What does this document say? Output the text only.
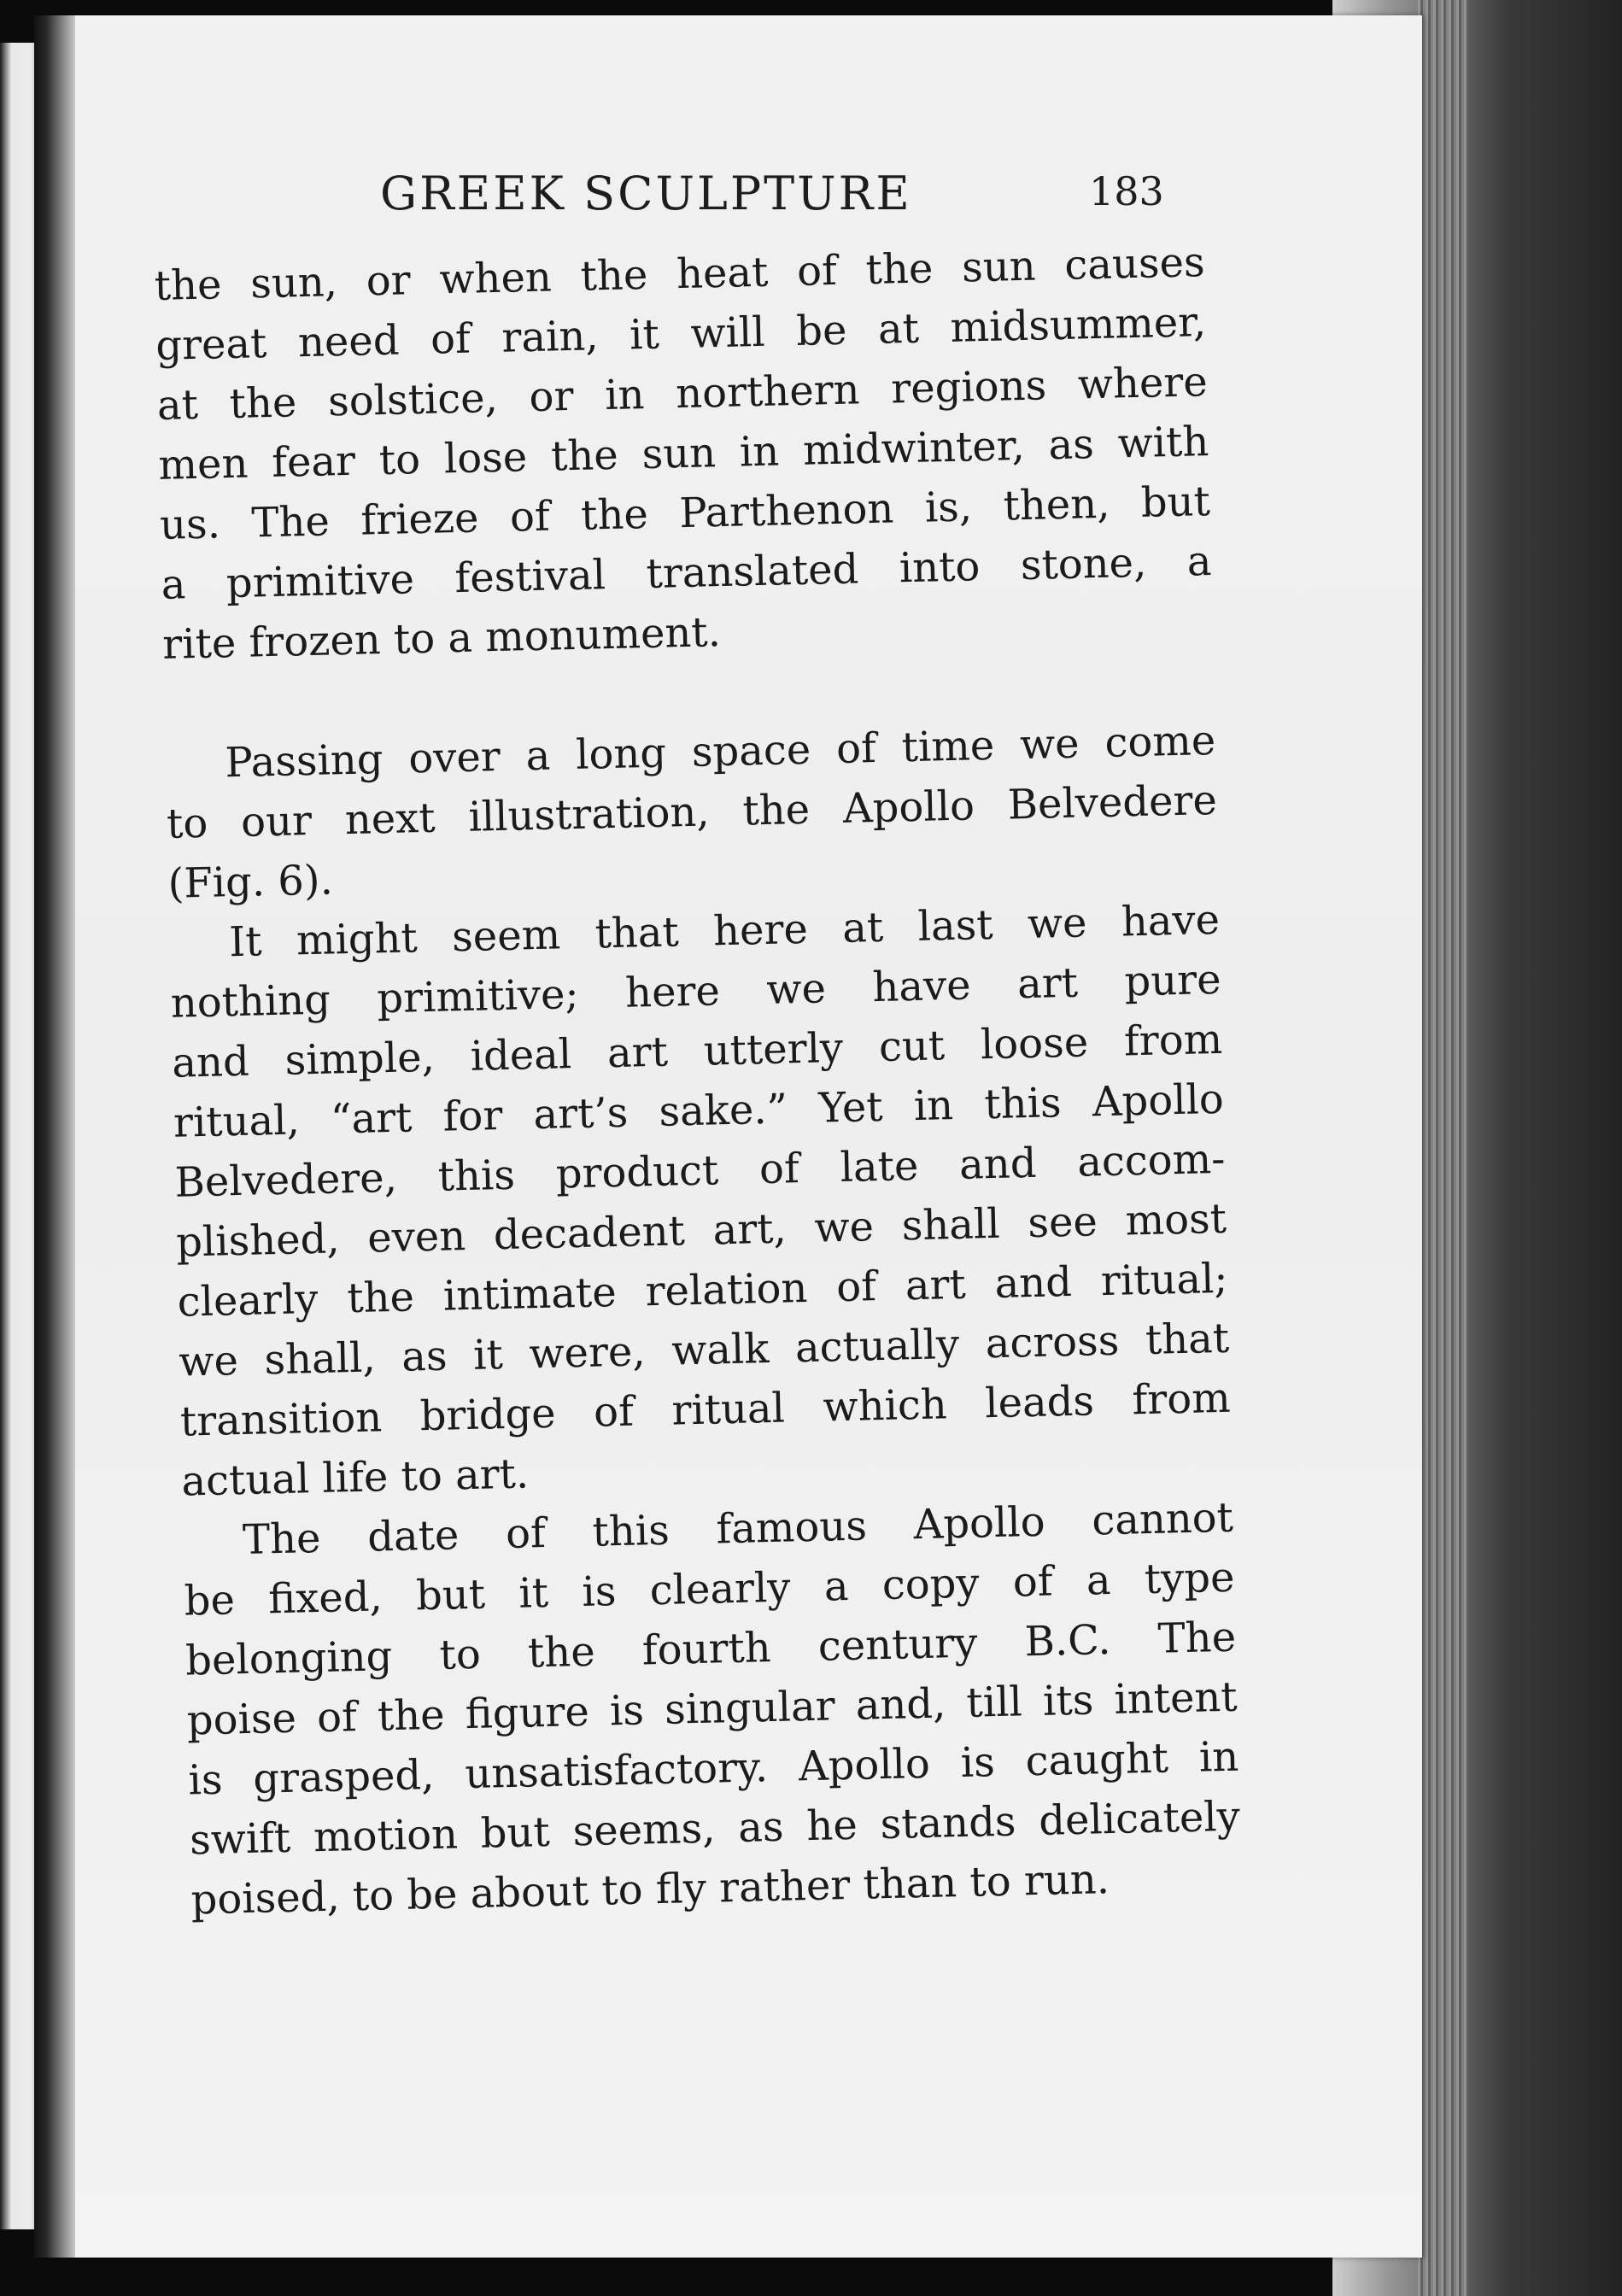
GREEK SCULPTURE	183
the sun, or when the heat of the sun causes
great need of rain, it will be at midsummer,
at the solstice, or in northern regions where
men fear to lose the sun in midwinter, as with
us. The frieze of the Parthenon is, then, but
a primitive festival translated into stone, a
rite frozen to a monument.
Passing over a long space of time we come
to our next illustration, the Apollo Belvedere
(Fig. 6).
It might seem that here at last we have
nothing primitive; here we have art pure
and simple, ideal art utterly cut loose from
ritual, “art for art’s sake.” Yet in this Apollo
Belvedere, this product of late and accom-
plished, even decadent art, we shall see most
clearly the intimate relation of art and ritual;
we shall, as it were, walk actually across that
transition bridge of ritual which leads from
actual life to art.
The date of this famous Apollo cannot
be fixed, but it is clearly a copy of a type
belonging to the fourth century B.C. The
poise of the figure is singular and, till its intent
is grasped, unsatisfactory. Apollo is caught in
swift motion but seems, as he stands delicately
poised, to be about to fly rather than to run.
